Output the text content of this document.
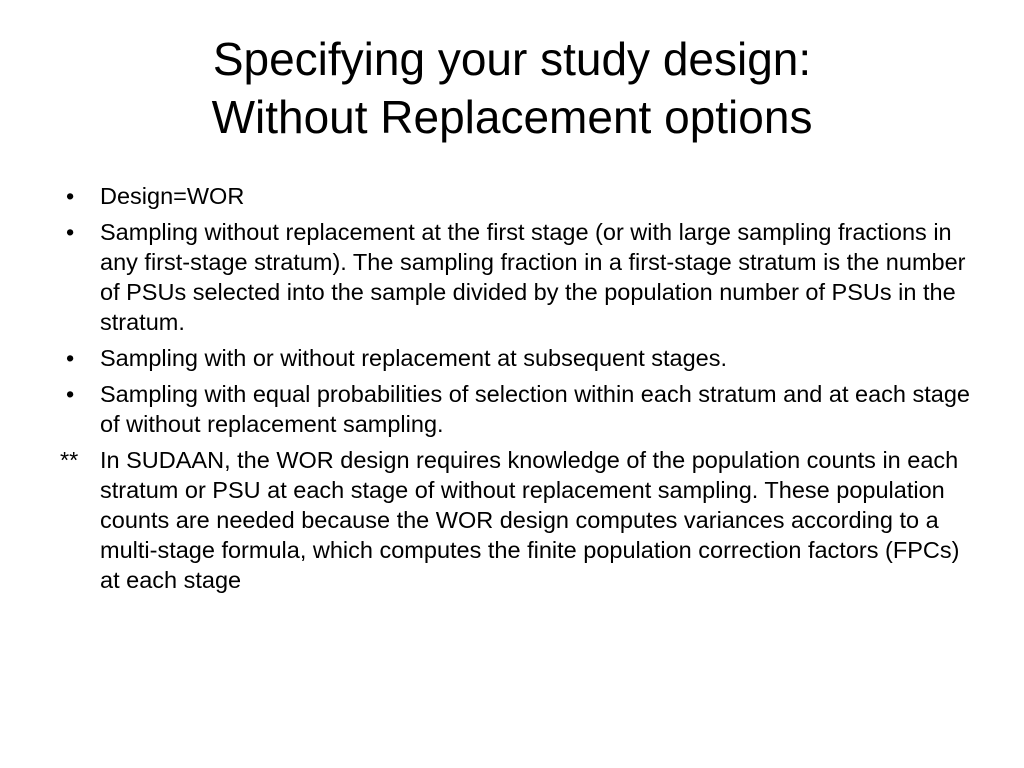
Specifying your study design:
Without Replacement options
•	Design=WOR
•	Sampling without replacement at the first stage (or with large sampling fractions in any first-stage stratum). The sampling fraction in a first-stage stratum is the number of PSUs selected into the sample divided by the population number of PSUs in the stratum.
•	Sampling with or without replacement at subsequent stages.
•	Sampling with equal probabilities of selection within each stratum and at each stage of without replacement sampling.
** In SUDAAN, the WOR design requires knowledge of the population counts in each stratum or PSU at each stage of without replacement sampling. These population counts are needed because the WOR design computes variances according to a multi-stage formula, which computes the finite population correction factors (FPCs) at each stage
